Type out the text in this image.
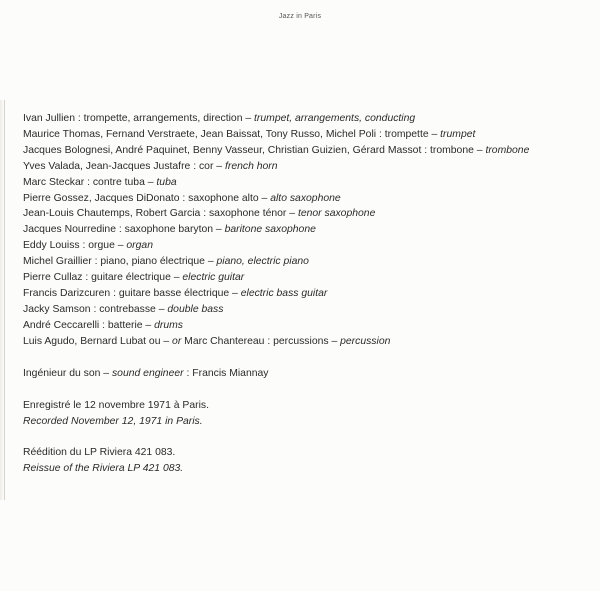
Jazz in Paris
Ivan Jullien : trompette, arrangements, direction – trumpet, arrangements, conducting
Maurice Thomas, Fernand Verstraete, Jean Baissat, Tony Russo, Michel Poli : trompette – trumpet
Jacques Bolognesi, André Paquinet, Benny Vasseur, Christian Guizien, Gérard Massot : trombone – trombone
Yves Valada, Jean-Jacques Justafre : cor – french horn
Marc Steckar : contre tuba – tuba
Pierre Gossez, Jacques DiDonato : saxophone alto – alto saxophone
Jean-Louis Chautemps, Robert Garcia : saxophone ténor – tenor saxophone
Jacques Nourredine : saxophone baryton – baritone saxophone
Eddy Louiss : orgue – organ
Michel Graillier : piano, piano électrique – piano, electric piano
Pierre Cullaz : guitare électrique – electric guitar
Francis Darizcuren : guitare basse électrique – electric bass guitar
Jacky Samson : contrebasse – double bass
André Ceccarelli : batterie – drums
Luis Agudo, Bernard Lubat ou – or Marc Chantereau : percussions – percussion
Ingénieur du son – sound engineer : Francis Miannay
Enregistré le 12 novembre 1971 à Paris.
Recorded November 12, 1971 in Paris.
Réédition du LP Riviera 421 083.
Reissue of the Riviera LP 421 083.
